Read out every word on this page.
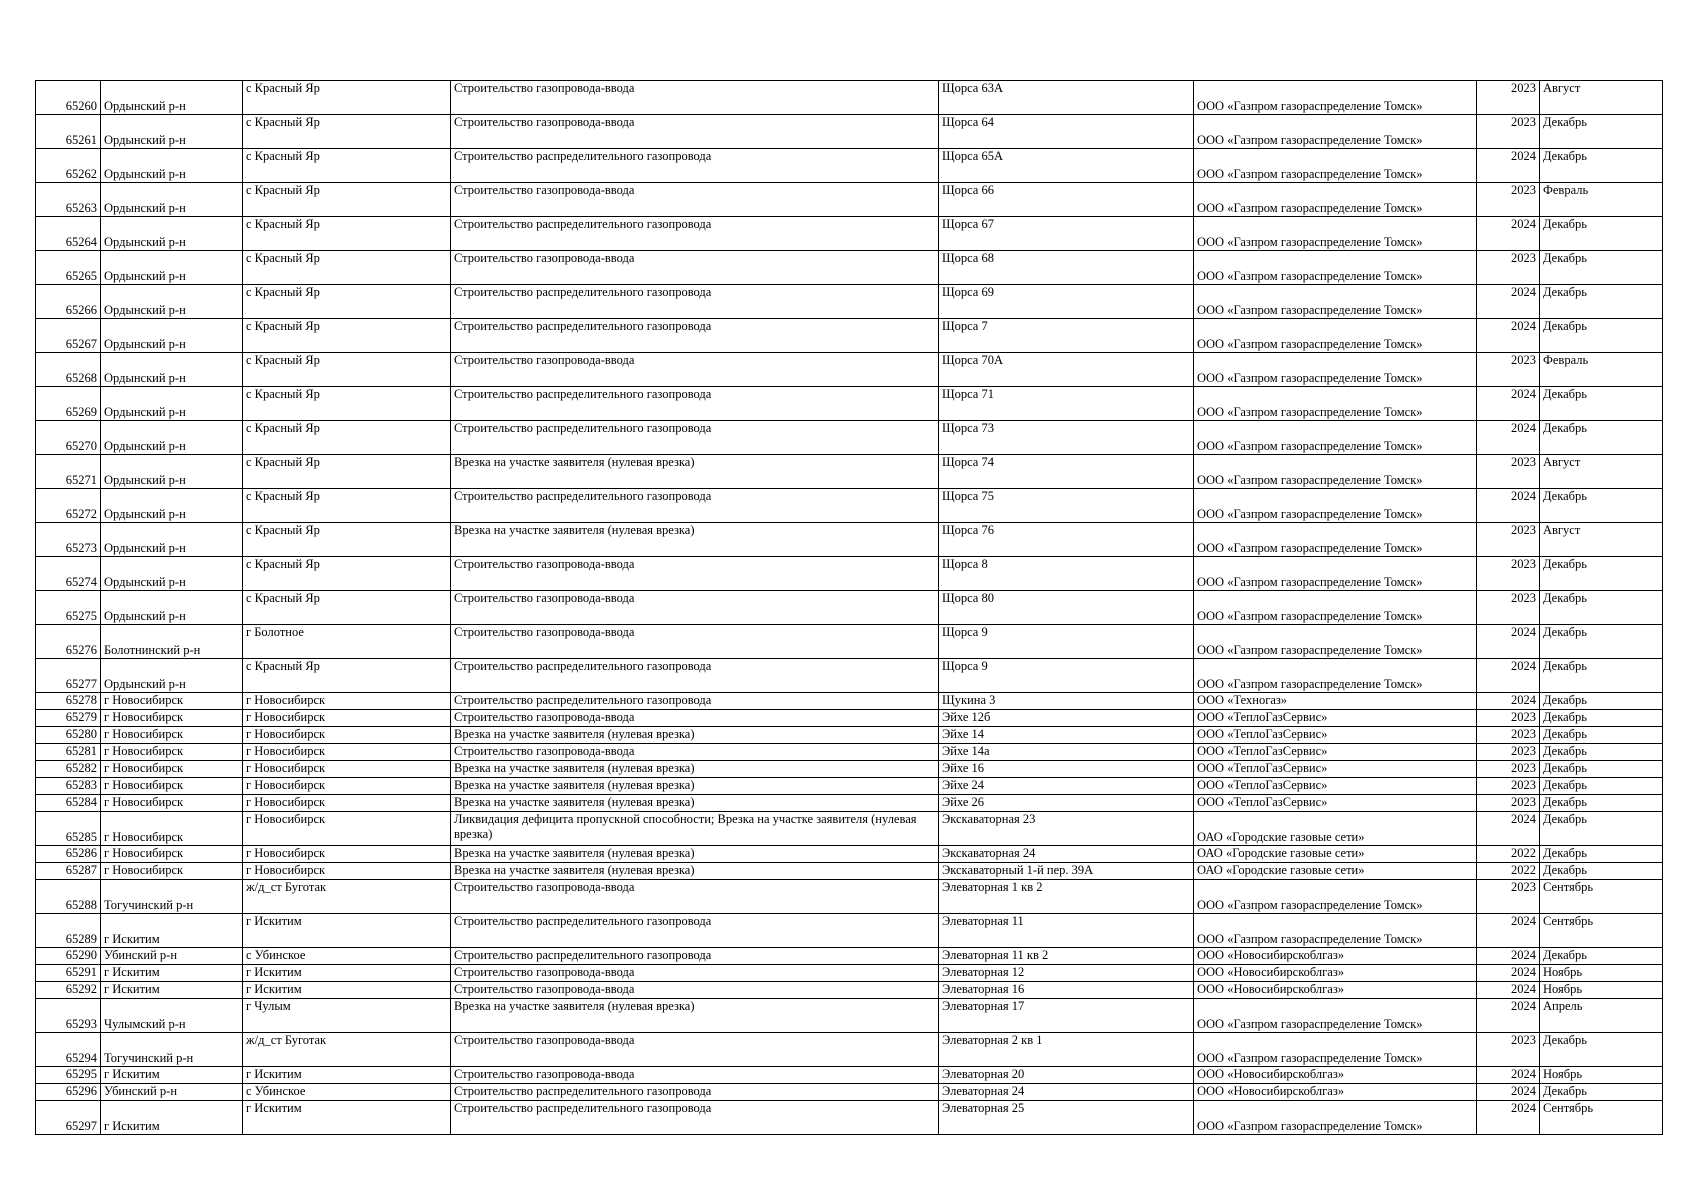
65260	Ордынский р-н	с Красный Яр	Строительство газопровода-ввода	Щорса 63А	ООО «Газпром газораспределение Томск»	2023	Август
65261	Ордынский р-н	с Красный Яр	Строительство газопровода-ввода	Щорса 64	ООО «Газпром газораспределение Томск»	2023	Декабрь
65262	Ордынский р-н	с Красный Яр	Строительство распределительного газопровода	Щорса 65А	ООО «Газпром газораспределение Томск»	2024	Декабрь
65263	Ордынский р-н	с Красный Яр	Строительство газопровода-ввода	Щорса 66	ООО «Газпром газораспределение Томск»	2023	Февраль
65264	Ордынский р-н	с Красный Яр	Строительство распределительного газопровода	Щорса 67	ООО «Газпром газораспределение Томск»	2024	Декабрь
65265	Ордынский р-н	с Красный Яр	Строительство газопровода-ввода	Щорса 68	ООО «Газпром газораспределение Томск»	2023	Декабрь
65266	Ордынский р-н	с Красный Яр	Строительство распределительного газопровода	Щорса 69	ООО «Газпром газораспределение Томск»	2024	Декабрь
65267	Ордынский р-н	с Красный Яр	Строительство распределительного газопровода	Щорса 7	ООО «Газпром газораспределение Томск»	2024	Декабрь
65268	Ордынский р-н	с Красный Яр	Строительство газопровода-ввода	Щорса 70А	ООО «Газпром газораспределение Томск»	2023	Февраль
65269	Ордынский р-н	с Красный Яр	Строительство распределительного газопровода	Щорса 71	ООО «Газпром газораспределение Томск»	2024	Декабрь
65270	Ордынский р-н	с Красный Яр	Строительство распределительного газопровода	Щорса 73	ООО «Газпром газораспределение Томск»	2024	Декабрь
65271	Ордынский р-н	с Красный Яр	Врезка на участке заявителя (нулевая врезка)	Щорса 74	ООО «Газпром газораспределение Томск»	2023	Август
65272	Ордынский р-н	с Красный Яр	Строительство распределительного газопровода	Щорса 75	ООО «Газпром газораспределение Томск»	2024	Декабрь
65273	Ордынский р-н	с Красный Яр	Врезка на участке заявителя (нулевая врезка)	Щорса 76	ООО «Газпром газораспределение Томск»	2023	Август
65274	Ордынский р-н	с Красный Яр	Строительство газопровода-ввода	Щорса 8	ООО «Газпром газораспределение Томск»	2023	Декабрь
65275	Ордынский р-н	с Красный Яр	Строительство газопровода-ввода	Щорса 80	ООО «Газпром газораспределение Томск»	2023	Декабрь
65276	Болотнинский р-н	г Болотное	Строительство газопровода-ввода	Щорса 9	ООО «Газпром газораспределение Томск»	2024	Декабрь
65277	Ордынский р-н	с Красный Яр	Строительство распределительного газопровода	Щорса 9	ООО «Газпром газораспределение Томск»	2024	Декабрь
65278	г Новосибирск	г Новосибирск	Строительство распределительного газопровода	Щукина 3	ООО «Техногаз»	2024	Декабрь
65279	г Новосибирск	г Новосибирск	Строительство газопровода-ввода	Эйхе 12б	ООО «ТеплоГазСервис»	2023	Декабрь
65280	г Новосибирск	г Новосибирск	Врезка на участке заявителя (нулевая врезка)	Эйхе 14	ООО «ТеплоГазСервис»	2023	Декабрь
65281	г Новосибирск	г Новосибирск	Строительство газопровода-ввода	Эйхе 14а	ООО «ТеплоГазСервис»	2023	Декабрь
65282	г Новосибирск	г Новосибирск	Врезка на участке заявителя (нулевая врезка)	Эйхе 16	ООО «ТеплоГазСервис»	2023	Декабрь
65283	г Новосибирск	г Новосибирск	Врезка на участке заявителя (нулевая врезка)	Эйхе 24	ООО «ТеплоГазСервис»	2023	Декабрь
65284	г Новосибирск	г Новосибирск	Врезка на участке заявителя (нулевая врезка)	Эйхе 26	ООО «ТеплоГазСервис»	2023	Декабрь
65285	г Новосибирск	г Новосибирск	Ликвидация дефицита пропускной способности; Врезка на участке заявителя (нулевая врезка)	Экскаваторная 23	ОАО «Городские газовые сети»	2024	Декабрь
65286	г Новосибирск	г Новосибирск	Врезка на участке заявителя (нулевая врезка)	Экскаваторная 24	ОАО «Городские газовые сети»	2022	Декабрь
65287	г Новосибирск	г Новосибирск	Врезка на участке заявителя (нулевая врезка)	Экскаваторный 1-й пер. 39А	ОАО «Городские газовые сети»	2022	Декабрь
65288	Тогучинский р-н	ж/д_ст Буготак	Строительство газопровода-ввода	Элеваторная 1 кв 2	ООО «Газпром газораспределение Томск»	2023	Сентябрь
65289	г Искитим	г Искитим	Строительство распределительного газопровода	Элеваторная 11	ООО «Газпром газораспределение Томск»	2024	Сентябрь
65290	Убинский р-н	с Убинское	Строительство распределительного газопровода	Элеваторная 11 кв 2	ООО «Новосибирскоблгаз»	2024	Декабрь
65291	г Искитим	г Искитим	Строительство газопровода-ввода	Элеваторная 12	ООО «Новосибирскоблгаз»	2024	Ноябрь
65292	г Искитим	г Искитим	Строительство газопровода-ввода	Элеваторная 16	ООО «Новосибирскоблгаз»	2024	Ноябрь
65293	Чулымский р-н	г Чулым	Врезка на участке заявителя (нулевая врезка)	Элеваторная 17	ООО «Газпром газораспределение Томск»	2024	Апрель
65294	Тогучинский р-н	ж/д_ст Буготак	Строительство газопровода-ввода	Элеваторная 2 кв 1	ООО «Газпром газораспределение Томск»	2023	Декабрь
65295	г Искитим	г Искитим	Строительство газопровода-ввода	Элеваторная 20	ООО «Новосибирскоблгаз»	2024	Ноябрь
65296	Убинский р-н	с Убинское	Строительство распределительного газопровода	Элеваторная 24	ООО «Новосибирскоблгаз»	2024	Декабрь
65297	г Искитим	г Искитим	Строительство распределительного газопровода	Элеваторная 25	ООО «Газпром газораспределение Томск»	2024	Сентябрь
